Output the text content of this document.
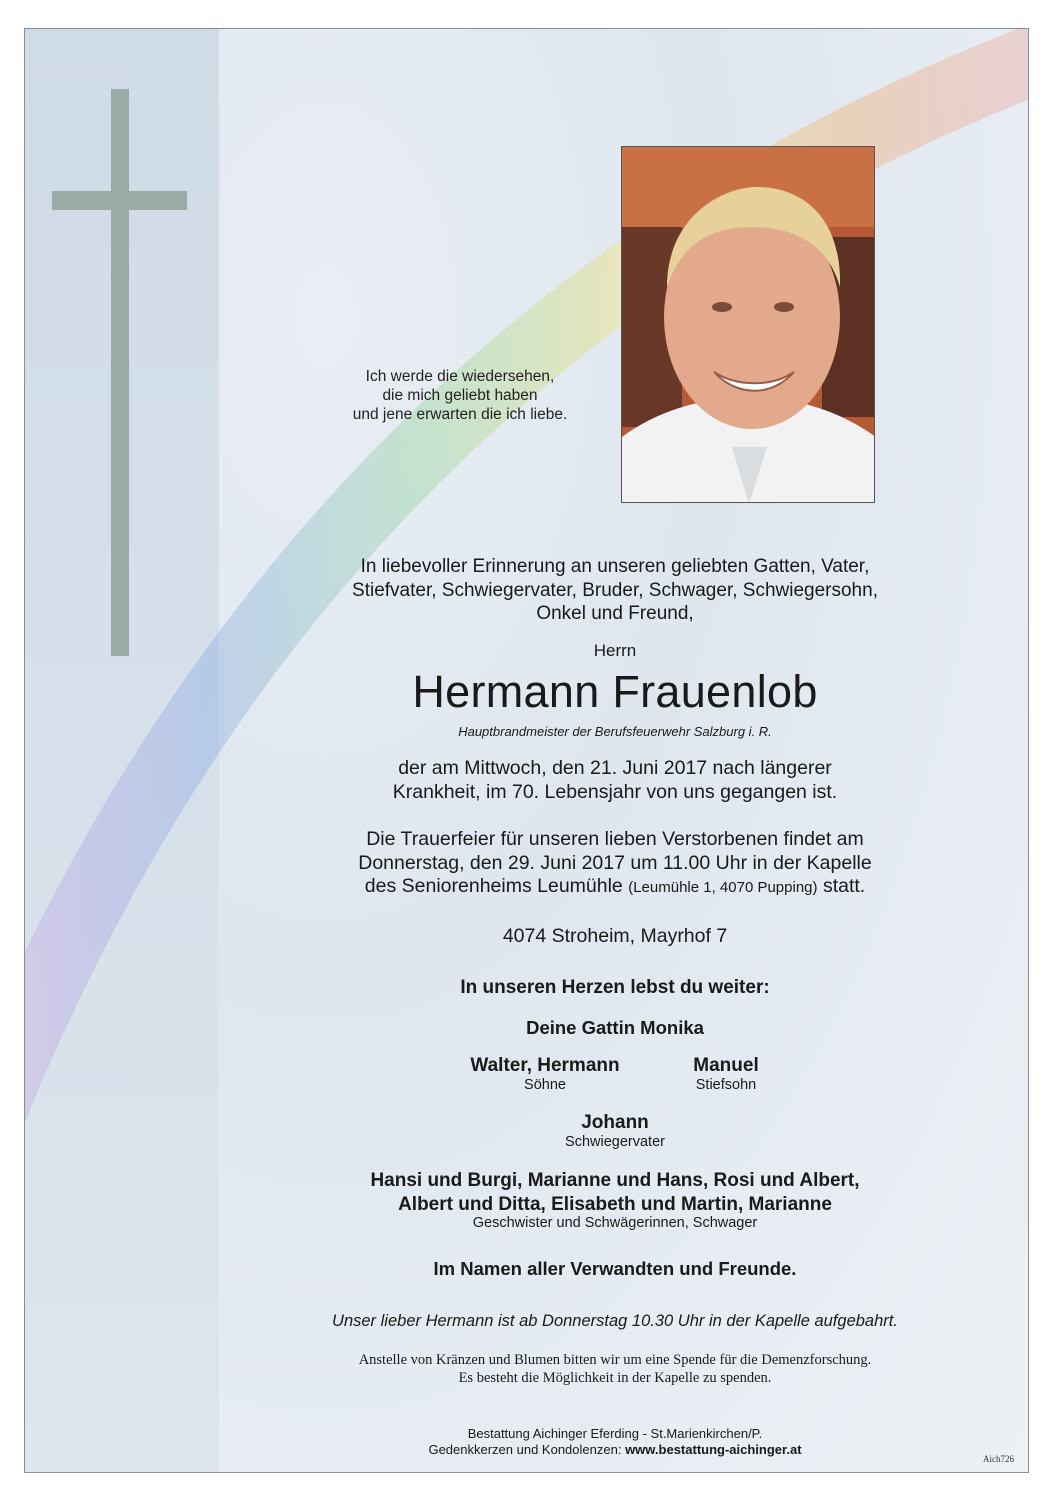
Ich werde die wiedersehen,
die mich geliebt haben
und jene erwarten die ich liebe.
In liebevoller Erinnerung an unseren geliebten Gatten, Vater,
Stiefvater, Schwiegervater, Bruder, Schwager, Schwiegersohn,
Onkel und Freund,
Herrn
Hermann Frauenlob
Hauptbrandmeister der Berufsfeuerwehr Salzburg i. R.
der am Mittwoch, den 21. Juni 2017 nach längerer
Krankheit, im 70. Lebensjahr von uns gegangen ist.
Die Trauerfeier für unseren lieben Verstorbenen findet am
Donnerstag, den 29. Juni 2017 um 11.00 Uhr in der Kapelle
des Seniorenheims Leumühle (Leumühle 1, 4070 Pupping) statt.
4074 Stroheim, Mayrhof 7
In unseren Herzen lebst du weiter:
Deine Gattin Monika
Walter, Hermann
Söhne
Manuel
Stiefsohn
Johann
Schwiegervater
Hansi und Burgi, Marianne und Hans, Rosi und Albert,
Albert und Ditta, Elisabeth und Martin, Marianne
Geschwister und Schwägerinnen, Schwager
Im Namen aller Verwandten und Freunde.
Unser lieber Hermann ist ab Donnerstag 10.30 Uhr in der Kapelle aufgebahrt.
Anstelle von Kränzen und Blumen bitten wir um eine Spende für die Demenzforschung.
Es besteht die Möglichkeit in der Kapelle zu spenden.
Bestattung Aichinger Eferding - St.Marienkirchen/P.
Gedenkkerzen und Kondolenzen: www.bestattung-aichinger.at
Aich726
